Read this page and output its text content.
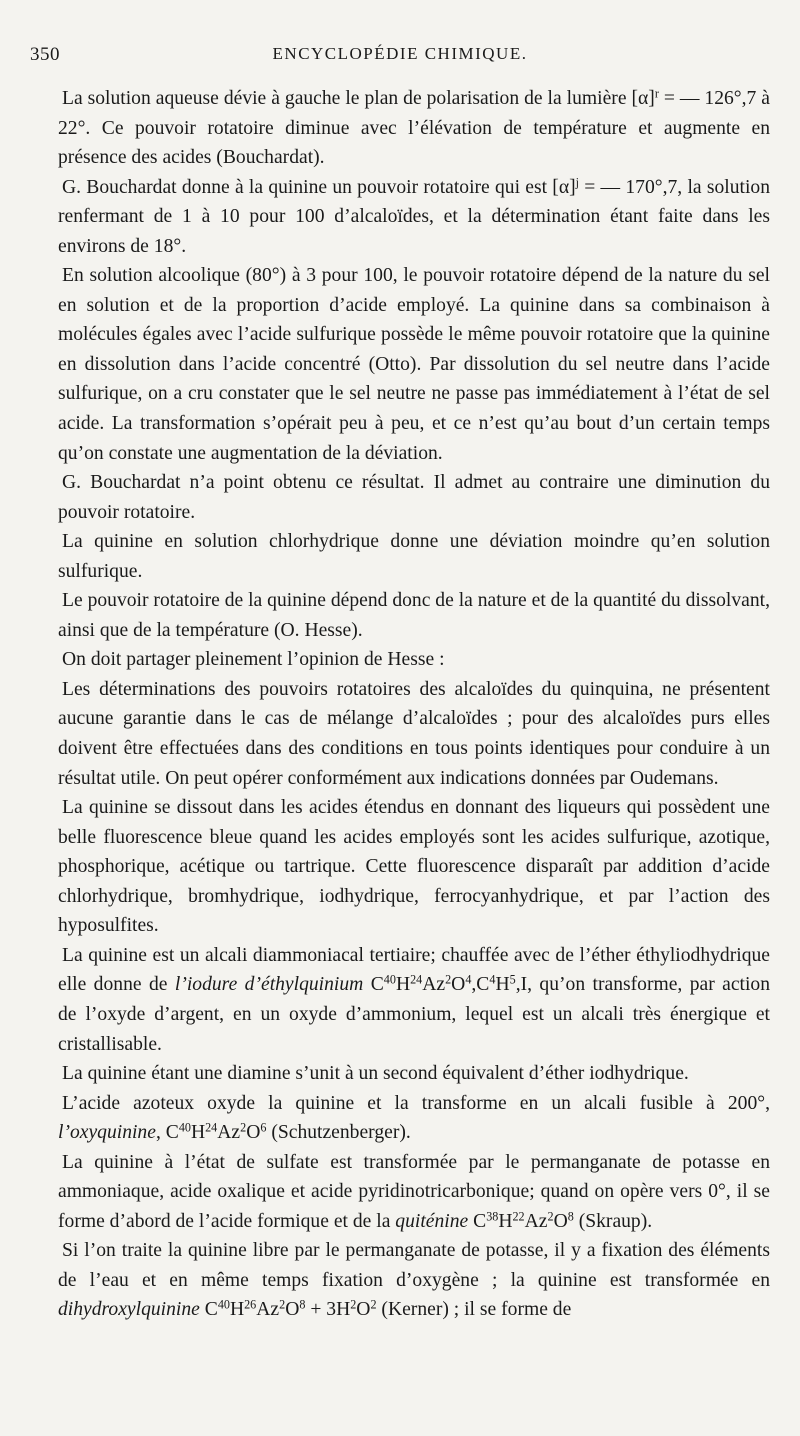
350	ENCYCLOPÉDIE CHIMIQUE.

La solution aqueuse dévie à gauche le plan de polarisation de la lumière $[\alpha]^r$ = — 126°,7 à 22°. Ce pouvoir rotatoire diminue avec l’élévation de température et augmente en présence des acides (Bouchardat).

G. Bouchardat donne à la quinine un pouvoir rotatoire qui est $[\alpha]^j$ = — 170°,7, la solution renfermant de 1 à 10 pour 100 d’alcaloïdes, et la détermination étant faite dans les environs de 18°.

En solution alcoolique (80°) à 3 pour 100, le pouvoir rotatoire dépend de la nature du sel en solution et de la proportion d’acide employé. La quinine dans sa combinaison à molécules égales avec l’acide sulfurique possède le même pouvoir rotatoire que la quinine en dissolution dans l’acide concentré (Otto). Par dissolution du sel neutre dans l’acide sulfurique, on a cru constater que le sel neutre ne passe pas immédiatement à l’état de sel acide. La transformation s’opérait peu à peu, et ce n’est qu’au bout d’un certain temps qu’on constate une augmentation de la déviation.

G. Bouchardat n’a point obtenu ce résultat. Il admet au contraire une diminution du pouvoir rotatoire.

La quinine en solution chlorhydrique donne une déviation moindre qu’en solution sulfurique.

Le pouvoir rotatoire de la quinine dépend donc de la nature et de la quantité du dissolvant, ainsi que de la température (O. Hesse).

On doit partager pleinement l’opinion de Hesse :

Les déterminations des pouvoirs rotatoires des alcaloïdes du quinquina, ne présentent aucune garantie dans le cas de mélange d’alcaloïdes ; pour des alcaloïdes purs elles doivent être effectuées dans des conditions en tous points identiques pour conduire à un résultat utile. On peut opérer conformément aux indications données par Oudemans.

La quinine se dissout dans les acides étendus en donnant des liqueurs qui possèdent une belle fluorescence bleue quand les acides employés sont les acides sulfurique, azotique, phosphorique, acétique ou tartrique. Cette fluorescence disparaît par addition d’acide chlorhydrique, bromhydrique, iodhydrique, ferrocyanhydrique, et par l’action des hyposulfites.

La quinine est un alcali diammoniacal tertiaire; chauffée avec de l’éther éthyliodhydrique elle donne de l’iodure d’éthylquinium $C^{40}H^{24}Az^2O^4,C^4H^5,I$, qu’on transforme, par action de l’oxyde d’argent, en un oxyde d’ammonium, lequel est un alcali très énergique et cristallisable.

La quinine étant une diamine s’unit à un second équivalent d’éther iodhydrique.

L’acide azoteux oxyde la quinine et la transforme en un alcali fusible à 200°, l’oxyquinine, $C^{40}H^{24}Az^2O^6$ (Schutzenberger).

La quinine à l’état de sulfate est transformée par le permanganate de potasse en ammoniaque, acide oxalique et acide pyridinotricarbonique; quand on opère vers 0°, il se forme d’abord de l’acide formique et de la quiténine $C^{38}H^{22}Az^2O^8$ (Skraup).

Si l’on traite la quinine libre par le permanganate de potasse, il y a fixation des éléments de l’eau et en même temps fixation d’oxygène ; la quinine est transformée en dihydroxylquinine $C^{40}H^{26}Az^2O^8 + 3H^2O^2$ (Kerner) ; il se forme de
